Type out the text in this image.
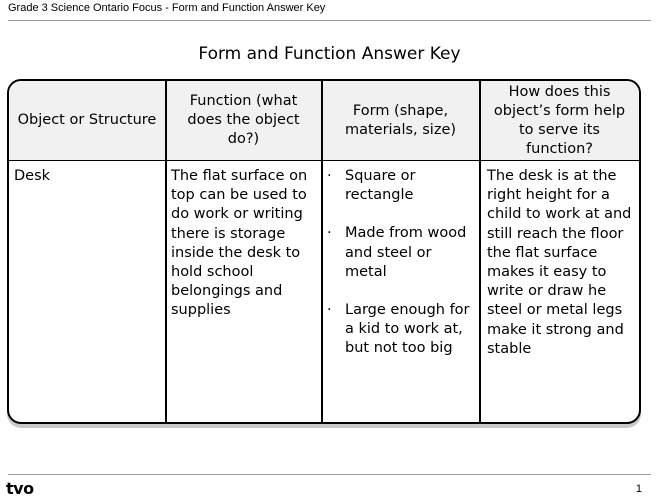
Grade 3 Science Ontario Focus - Form and Function Answer Key
Form and Function Answer Key
Object or Structure
Function (what does the object do?)
Form (shape, materials, size)
How does this object’s form help to serve its function?
Desk	The flat surface on top can be used to do work or writing there is storage inside the desk to hold school belongings and supplies
· Square or rectangle
· Made from wood and steel or metal
· Large enough for a kid to work at, but not too big
The desk is at the right height for a child to work at and still reach the floor the flat surface makes it easy to write or draw he steel or metal legs make it strong and stable
tvo	1
